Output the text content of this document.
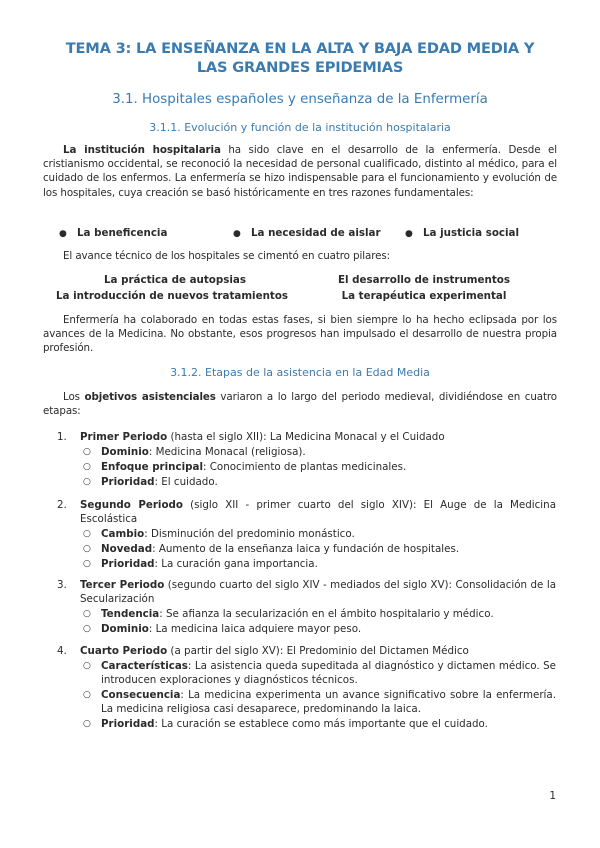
TEMA 3: LA ENSEÑANZA EN LA ALTA Y BAJA EDAD MEDIA Y LAS GRANDES EPIDEMIAS
3.1. Hospitales españoles y enseñanza de la Enfermería
3.1.1. Evolución y función de la institución hospitalaria

La institución hospitalaria ha sido clave en el desarrollo de la enfermería. Desde el cristianismo occidental, se reconoció la necesidad de personal cualificado, distinto al médico, para el cuidado de los enfermos. La enfermería se hizo indispensable para el funcionamiento y evolución de los hospitales, cuya creación se basó históricamente en tres razones fundamentales:

● La beneficencia	● La necesidad de aislar	● La justicia social

El avance técnico de los hospitales se cimentó en cuatro pilares:

La práctica de autopsias	El desarrollo de instrumentos
La introducción de nuevos tratamientos	La terapéutica experimental

Enfermería ha colaborado en todas estas fases, si bien siempre lo ha hecho eclipsada por los avances de la Medicina. No obstante, esos progresos han impulsado el desarrollo de nuestra propia profesión.

3.1.2. Etapas de la asistencia en la Edad Media

Los objetivos asistenciales variaron a lo largo del periodo medieval, dividiéndose en cuatro etapas:

1. Primer Periodo (hasta el siglo XII): La Medicina Monacal y el Cuidado
○ Dominio: Medicina Monacal (religiosa).
○ Enfoque principal: Conocimiento de plantas medicinales.
○ Prioridad: El cuidado.
2. Segundo Periodo (siglo XII - primer cuarto del siglo XIV): El Auge de la Medicina Escolástica
○ Cambio: Disminución del predominio monástico.
○ Novedad: Aumento de la enseñanza laica y fundación de hospitales.
○ Prioridad: La curación gana importancia.
3. Tercer Periodo (segundo cuarto del siglo XIV - mediados del siglo XV): Consolidación de la Secularización
○ Tendencia: Se afianza la secularización en el ámbito hospitalario y médico.
○ Dominio: La medicina laica adquiere mayor peso.
4. Cuarto Periodo (a partir del siglo XV): El Predominio del Dictamen Médico
○ Características: La asistencia queda supeditada al diagnóstico y dictamen médico. Se introducen exploraciones y diagnósticos técnicos.
○ Consecuencia: La medicina experimenta un avance significativo sobre la enfermería. La medicina religiosa casi desaparece, predominando la laica.
○ Prioridad: La curación se establece como más importante que el cuidado.
1
